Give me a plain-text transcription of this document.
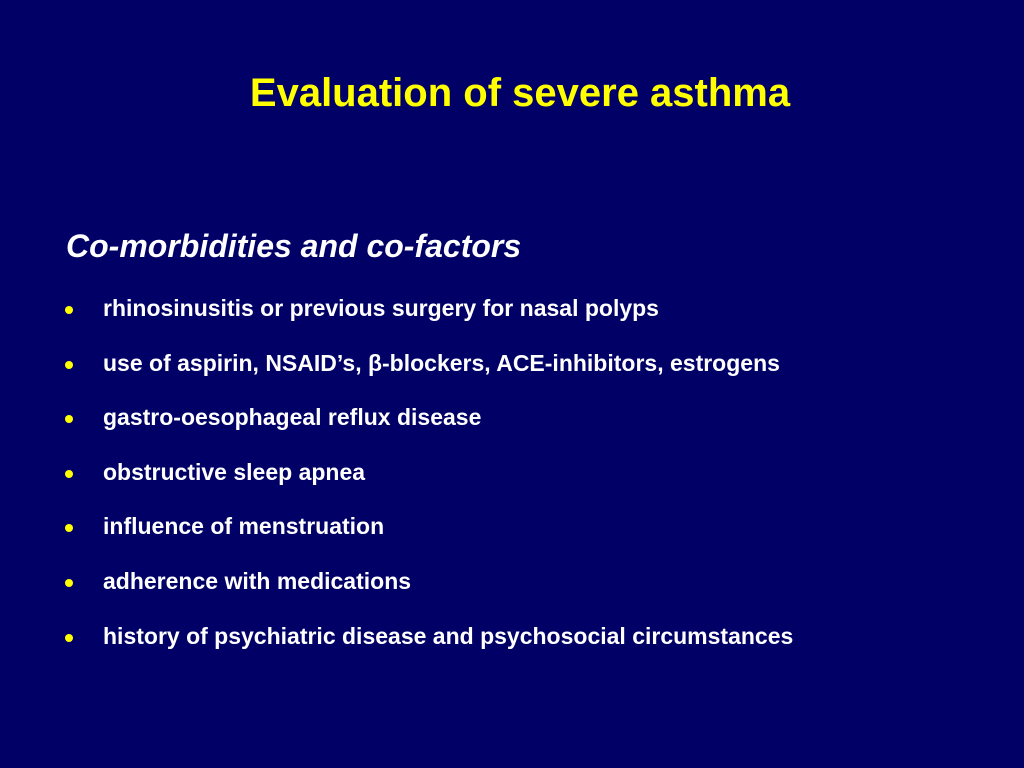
Evaluation of severe asthma
Co-morbidities and co-factors
rhinosinusitis or previous surgery for nasal polyps
use of aspirin, NSAID’s, β-blockers, ACE-inhibitors, estrogens
gastro-oesophageal reflux disease
obstructive sleep apnea
influence of menstruation
adherence with medications
history of psychiatric disease and psychosocial circumstances
